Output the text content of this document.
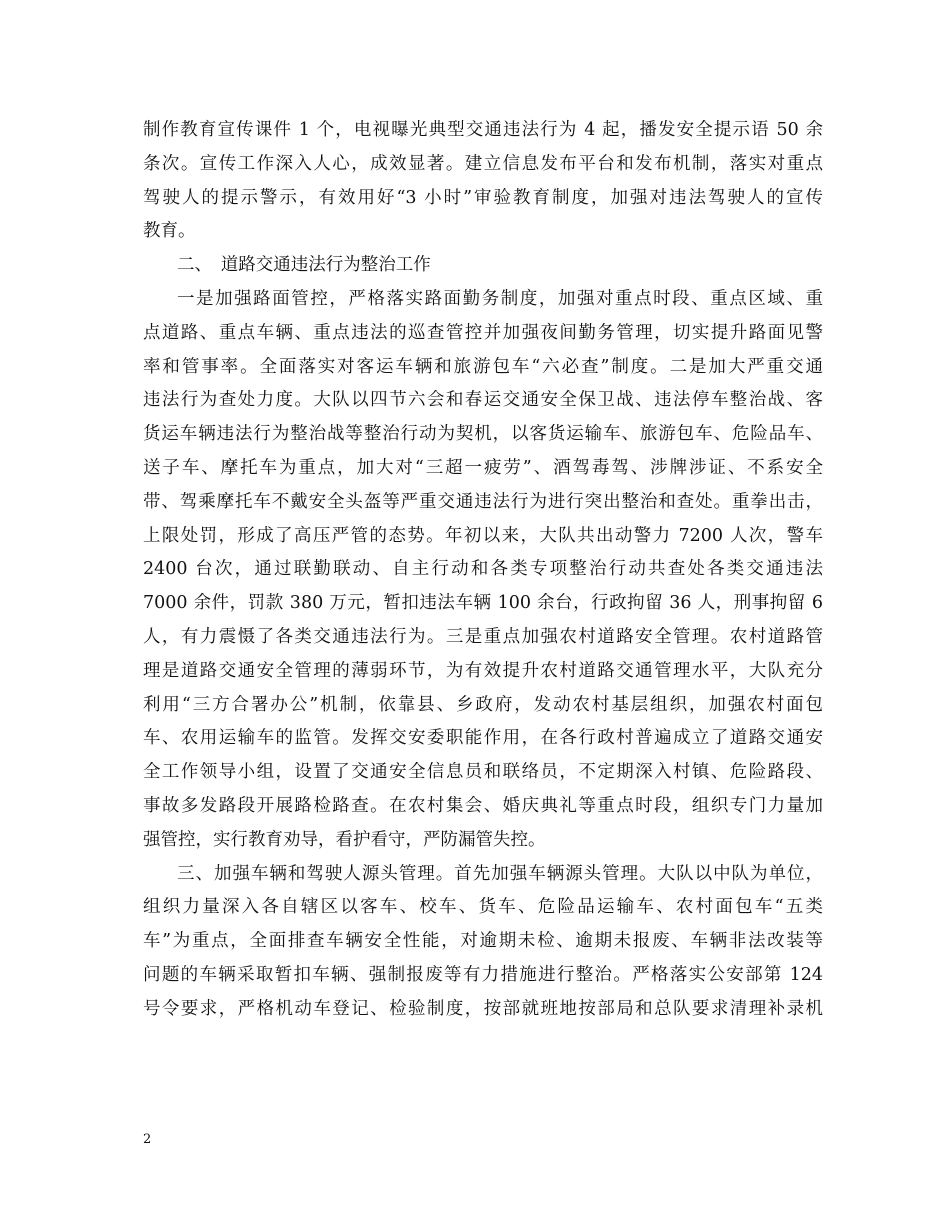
制作教育宣传课件 1 个，电视曝光典型交通违法行为 4 起，播发安全提示语 50 余
条次。宣传工作深入人心，成效显著。建立信息发布平台和发布机制，落实对重点
驾驶人的提示警示，有效用好“3 小时”审验教育制度，加强对违法驾驶人的宣传
教育。
二、　道路交通违法行为整治工作
一是加强路面管控，严格落实路面勤务制度，加强对重点时段、重点区域、重
点道路、重点车辆、重点违法的巡查管控并加强夜间勤务管理，切实提升路面见警
率和管事率。全面落实对客运车辆和旅游包车“六必查”制度。二是加大严重交通
违法行为查处力度。大队以四节六会和春运交通安全保卫战、违法停车整治战、客
货运车辆违法行为整治战等整治行动为契机，以客货运输车、旅游包车、危险品车、
送子车、摩托车为重点，加大对“三超一疲劳”、酒驾毒驾、涉牌涉证、不系安全
带、驾乘摩托车不戴安全头盔等严重交通违法行为进行突出整治和查处。重拳出击，
上限处罚，形成了高压严管的态势。年初以来，大队共出动警力 7200 人次，警车
2400 台次，通过联勤联动、自主行动和各类专项整治行动共查处各类交通违法
7000 余件，罚款 380 万元，暂扣违法车辆 100 余台，行政拘留 36 人，刑事拘留 6
人，有力震慑了各类交通违法行为。三是重点加强农村道路安全管理。农村道路管
理是道路交通安全管理的薄弱环节，为有效提升农村道路交通管理水平，大队充分
利用“三方合署办公”机制，依靠县、乡政府，发动农村基层组织，加强农村面包
车、农用运输车的监管。发挥交安委职能作用，在各行政村普遍成立了道路交通安
全工作领导小组，设置了交通安全信息员和联络员，不定期深入村镇、危险路段、
事故多发路段开展路检路查。在农村集会、婚庆典礼等重点时段，组织专门力量加
强管控，实行教育劝导，看护看守，严防漏管失控。
三、加强车辆和驾驶人源头管理。首先加强车辆源头管理。大队以中队为单位，
组织力量深入各自辖区以客车、校车、货车、危险品运输车、农村面包车“五类
车”为重点，全面排查车辆安全性能，对逾期未检、逾期未报废、车辆非法改装等
问题的车辆采取暂扣车辆、强制报废等有力措施进行整治。严格落实公安部第 124
号令要求，严格机动车登记、检验制度，按部就班地按部局和总队要求清理补录机
2
